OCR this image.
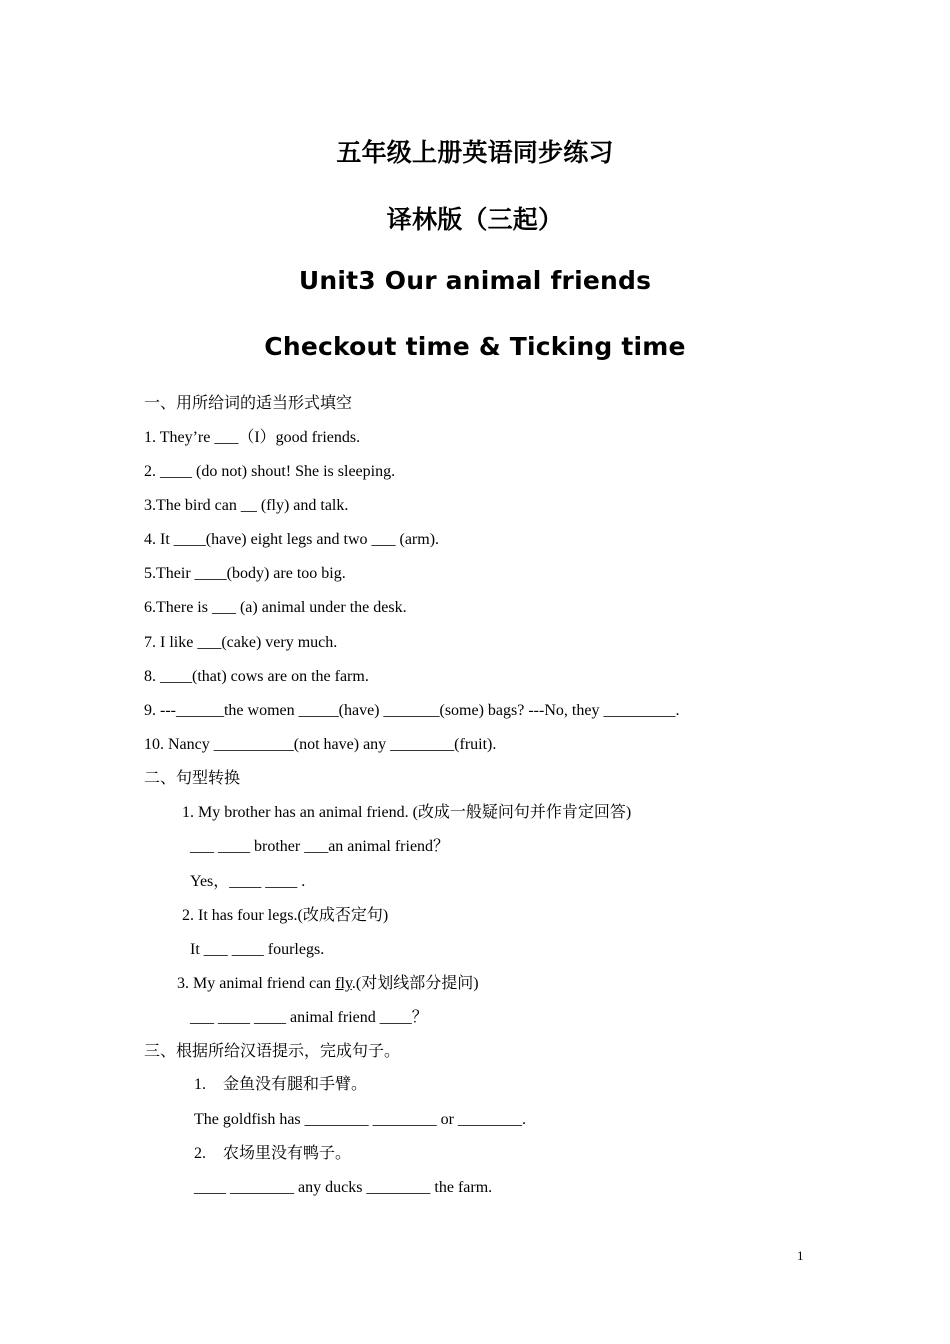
五年级上册英语同步练习
译林版（三起）
Unit3 Our animal friends
Checkout time & Ticking time
一、用所给词的适当形式填空
1. They’re ___（I）good friends.
2. ____ (do not) shout! She is sleeping.
3.The bird can __ (fly) and talk.
4. It ____(have) eight legs and two ___ (arm).
5.Their ____(body) are too big.
6.There is ___ (a) animal under the desk.
7. I like ___(cake) very much.
8. ____(that) cows are on the farm.
9. ---______the women _____(have) _______(some) bags? ---No, they _________.
10. Nancy __________(not have) any ________(fruit).
二、句型转换
1. My brother has an animal friend. (改成一般疑问句并作肯定回答)
___ ____ brother ___an animal friend？
Yes，____ ____ .
2. It has four legs.(改成否定句)
It ___ ____ fourlegs.
3. My animal friend can fly.(对划线部分提问)
___ ____ ____ animal friend ____？
三、根据所给汉语提示，完成句子。
1. 金鱼没有腿和手臂。
The goldfish has ________ ________ or ________.
2. 农场里没有鸭子。
____ ________ any ducks ________ the farm.
1
